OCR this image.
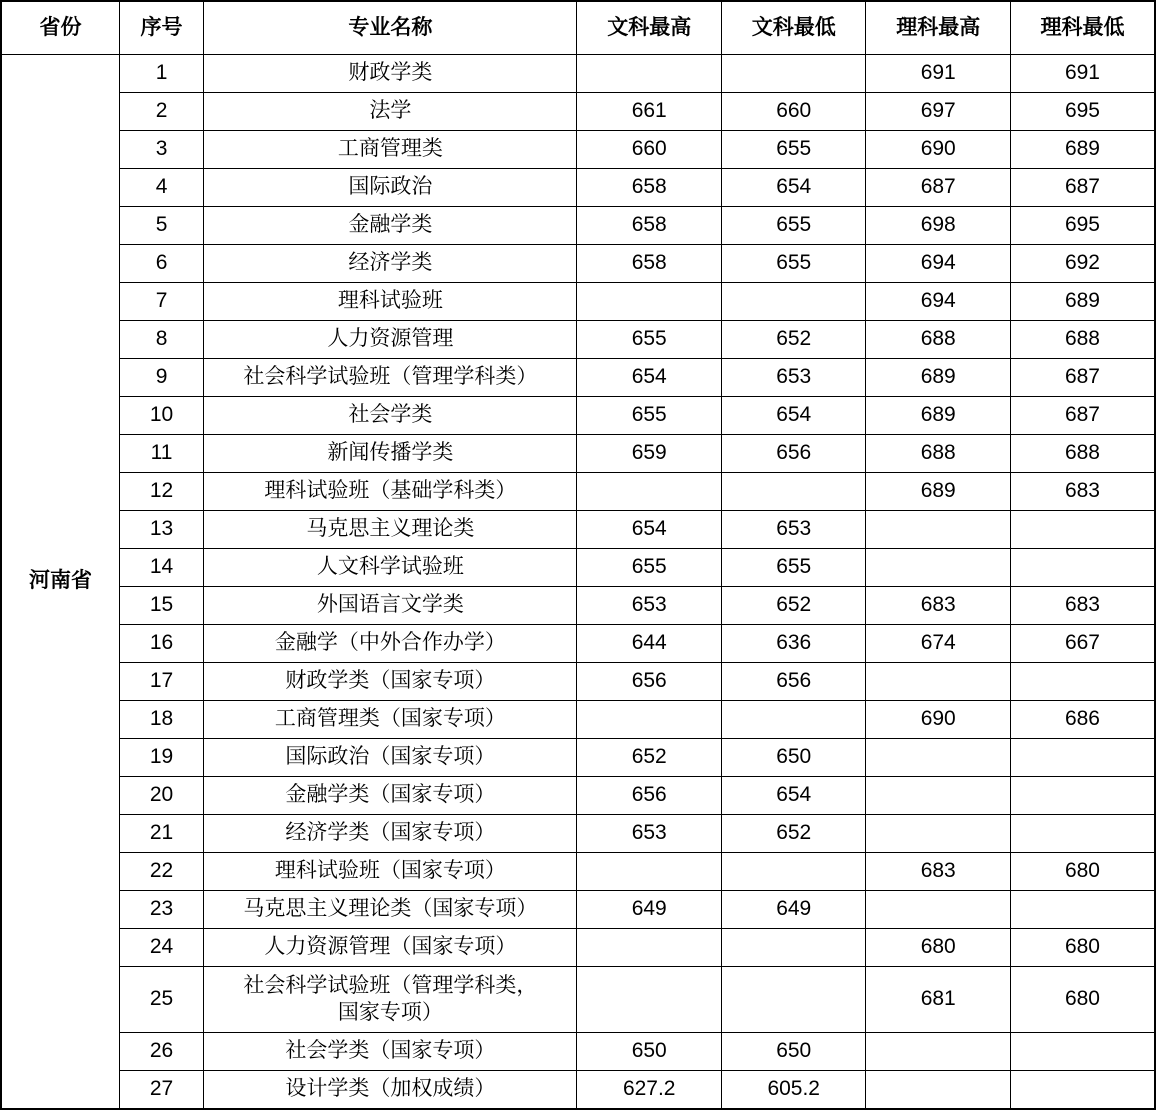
省份	序号	专业名称	文科最高	文科最低	理科最高	理科最低
河南省	1	财政学类			691	691
	2	法学	661	660	697	695
	3	工商管理类	660	655	690	689
	4	国际政治	658	654	687	687
	5	金融学类	658	655	698	695
	6	经济学类	658	655	694	692
	7	理科试验班			694	689
	8	人力资源管理	655	652	688	688
	9	社会科学试验班（管理学科类）	654	653	689	687
	10	社会学类	655	654	689	687
	11	新闻传播学类	659	656	688	688
	12	理科试验班（基础学科类）			689	683
	13	马克思主义理论类	654	653		
	14	人文科学试验班	655	655		
	15	外国语言文学类	653	652	683	683
	16	金融学（中外合作办学）	644	636	674	667
	17	财政学类（国家专项）	656	656		
	18	工商管理类（国家专项）			690	686
	19	国际政治（国家专项）	652	650		
	20	金融学类（国家专项）	656	654		
	21	经济学类（国家专项）	653	652		
	22	理科试验班（国家专项）			683	680
	23	马克思主义理论类（国家专项）	649	649		
	24	人力资源管理（国家专项）			680	680
	25	社会科学试验班（管理学科类，
国家专项）			681	680
	26	社会学类（国家专项）	650	650		
	27	设计学类（加权成绩）	627.2	605.2		
